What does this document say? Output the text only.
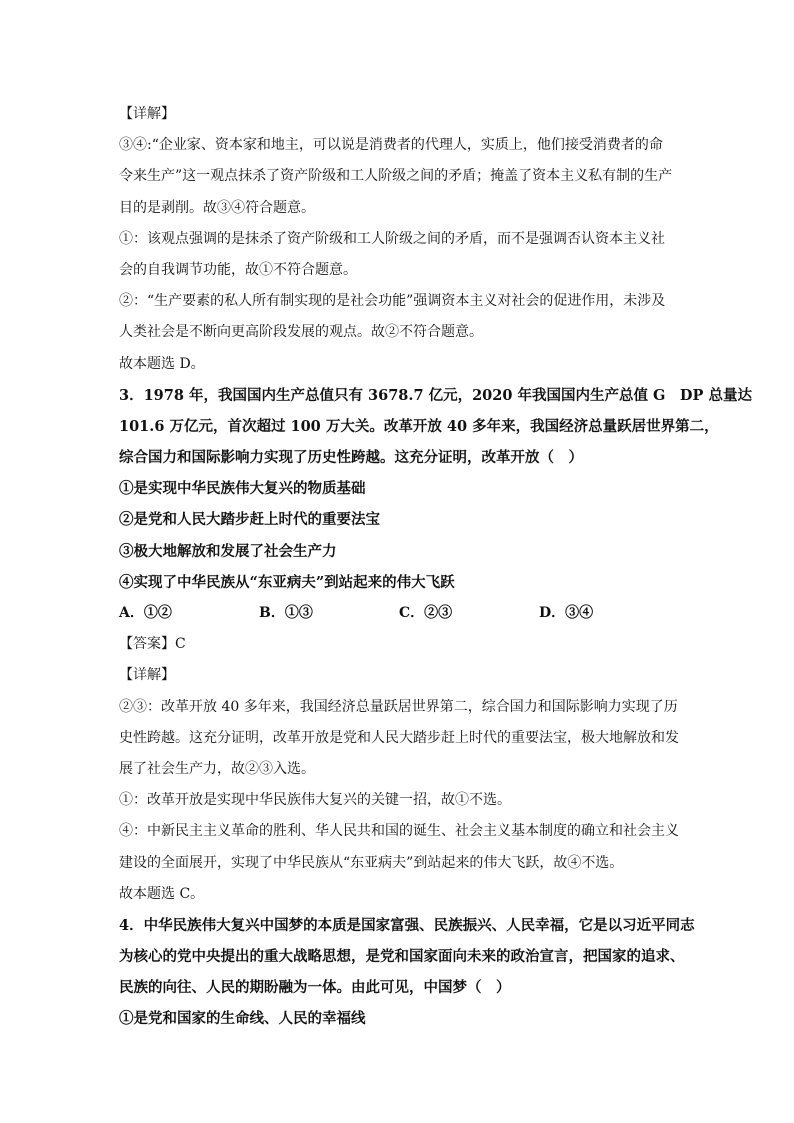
【详解】
③④:“企业家、资本家和地主，可以说是消费者的代理人，实质上，他们接受消费者的命
令来生产”这一观点抹杀了资产阶级和工人阶级之间的矛盾；掩盖了资本主义私有制的生产
目的是剥削。故③④符合题意。
①：该观点强调的是抹杀了资产阶级和工人阶级之间的矛盾，而不是强调否认资本主义社
会的自我调节功能，故①不符合题意。
②：“生产要素的私人所有制实现的是社会功能”强调资本主义对社会的促进作用，未涉及
人类社会是不断向更高阶段发展的观点。故②不符合题意。
故本题选 D。
3．1978 年，我国国内生产总值只有 3678.7 亿元，2020 年我国国内生产总值 G　DP 总量达
101.6 万亿元，首次超过 100 万大关。改革开放 40 多年来，我国经济总量跃居世界第二，
综合国力和国际影响力实现了历史性跨越。这充分证明，改革开放（　）
①是实现中华民族伟大复兴的物质基础
②是党和人民大踏步赶上时代的重要法宝
③极大地解放和发展了社会生产力
④实现了中华民族从“东亚病夫”到站起来的伟大飞跃
A．①②	B．①③	C．②③	D．③④
【答案】C
【详解】
②③：改革开放 40 多年来，我国经济总量跃居世界第二，综合国力和国际影响力实现了历
史性跨越。这充分证明，改革开放是党和人民大踏步赶上时代的重要法宝，极大地解放和发
展了社会生产力，故②③入选。
①：改革开放是实现中华民族伟大复兴的关键一招，故①不选。
④：中新民主主义革命的胜利、华人民共和国的诞生、社会主义基本制度的确立和社会主义
建设的全面展开，实现了中华民族从“东亚病夫”到站起来的伟大飞跃，故④不选。
故本题选 C。
4．中华民族伟大复兴中国梦的本质是国家富强、民族振兴、人民幸福，它是以习近平同志
为核心的党中央提出的重大战略思想，是党和国家面向未来的政治宣言，把国家的追求、
民族的向往、人民的期盼融为一体。由此可见，中国梦（　）
①是党和国家的生命线、人民的幸福线
